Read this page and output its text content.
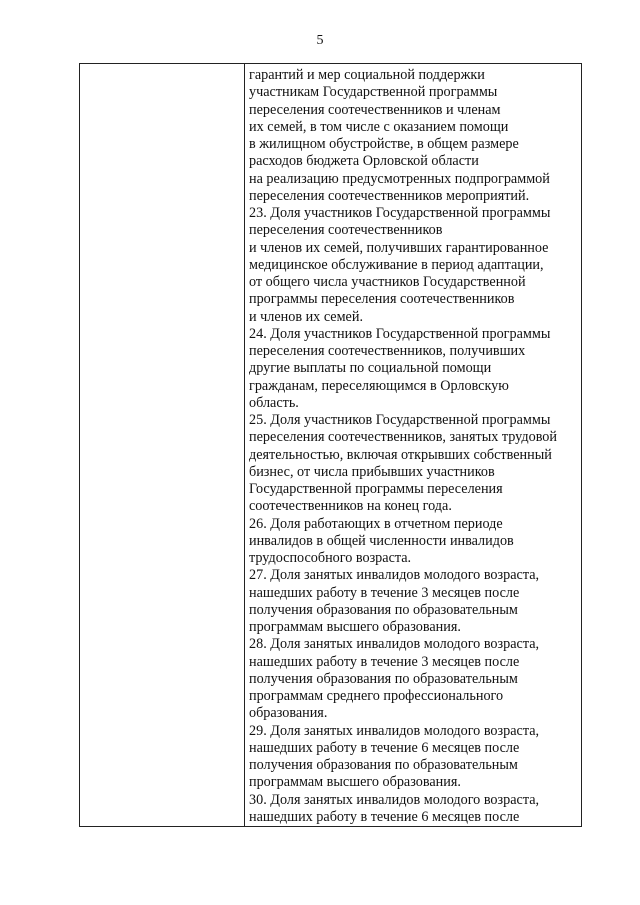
5
гарантий и мер социальной поддержки
участникам Государственной программы
переселения соотечественников и членам
их семей, в том числе с оказанием помощи
в жилищном обустройстве, в общем размере
расходов бюджета Орловской области
на реализацию предусмотренных подпрограммой
переселения соотечественников мероприятий.
23. Доля участников Государственной программы
переселения соотечественников
и членов их семей, получивших гарантированное
медицинское обслуживание в период адаптации,
от общего числа участников Государственной
программы переселения соотечественников
и членов их семей.
24. Доля участников Государственной программы
переселения соотечественников, получивших
другие выплаты по социальной помощи
гражданам, переселяющимся в Орловскую
область.
25. Доля участников Государственной программы
переселения соотечественников, занятых трудовой
деятельностью, включая открывших собственный
бизнес, от числа прибывших участников
Государственной программы переселения
соотечественников на конец года.
26. Доля работающих в отчетном периоде
инвалидов в общей численности инвалидов
трудоспособного возраста.
27. Доля занятых инвалидов молодого возраста,
нашедших работу в течение 3 месяцев после
получения образования по образовательным
программам высшего образования.
28. Доля занятых инвалидов молодого возраста,
нашедших работу в течение 3 месяцев после
получения образования по образовательным
программам среднего профессионального
образования.
29. Доля занятых инвалидов молодого возраста,
нашедших работу в течение 6 месяцев после
получения образования по образовательным
программам высшего образования.
30. Доля занятых инвалидов молодого возраста,
нашедших работу в течение 6 месяцев после
